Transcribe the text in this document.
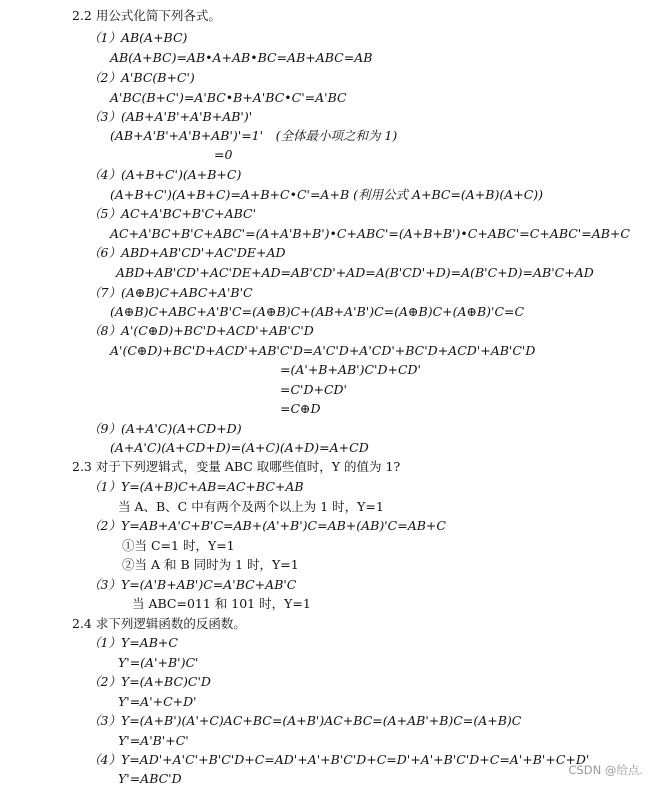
2.2 用公式化简下列各式。
（1）AB(A+BC)
AB(A+BC)=AB•A+AB•BC=AB+ABC=AB
（2）A'BC(B+C')
A'BC(B+C')=A'BC•B+A'BC•C'=A'BC
（3）(AB+A'B'+A'B+AB')'
(AB+A'B'+A'B+AB')'=1'　(全体最小项之和为 1)
=0
（4）(A+B+C')(A+B+C)
(A+B+C')(A+B+C)=A+B+C•C'=A+B (利用公式 A+BC=(A+B)(A+C))
（5）AC+A'BC+B'C+ABC'
AC+A'BC+B'C+ABC'=(A+A'B+B')•C+ABC'=(A+B+B')•C+ABC'=C+ABC'=AB+C
（6）ABD+AB'CD'+AC'DE+AD
ABD+AB'CD'+AC'DE+AD=AB'CD'+AD=A(B'CD'+D)=A(B'C+D)=AB'C+AD
（7）(A⊕B)C+ABC+A'B'C
(A⊕B)C+ABC+A'B'C=(A⊕B)C+(AB+A'B')C=(A⊕B)C+(A⊕B)'C=C
（8）A'(C⊕D)+BC'D+ACD'+AB'C'D
A'(C⊕D)+BC'D+ACD'+AB'C'D=A'C'D+A'CD'+BC'D+ACD'+AB'C'D
=(A'+B+AB')C'D+CD'
=C'D+CD'
=C⊕D
（9）(A+A'C)(A+CD+D)
(A+A'C)(A+CD+D)=(A+C)(A+D)=A+CD
2.3 对于下列逻辑式，变量 ABC 取哪些值时，Y 的值为 1?
（1）Y=(A+B)C+AB=AC+BC+AB
当 A、B、C 中有两个及两个以上为 1 时，Y=1
（2）Y=AB+A'C+B'C=AB+(A'+B')C=AB+(AB)'C=AB+C
①当 C=1 时，Y=1
②当 A 和 B 同时为 1 时，Y=1
（3）Y=(A'B+AB')C=A'BC+AB'C
当 ABC=011 和 101 时，Y=1
2.4 求下列逻辑函数的反函数。
（1）Y=AB+C
Y'=(A'+B')C'
（2）Y=(A+BC)C'D
Y'=A'+C+D'
（3）Y=(A+B')(A'+C)AC+BC=(A+B')AC+BC=(A+AB'+B)C=(A+B)C
Y'=A'B'+C'
（4）Y=AD'+A'C'+B'C'D+C=AD'+A'+B'C'D+C=D'+A'+B'C'D+C=A'+B'+C+D'
Y'=ABC'D
CSDN @给点.
